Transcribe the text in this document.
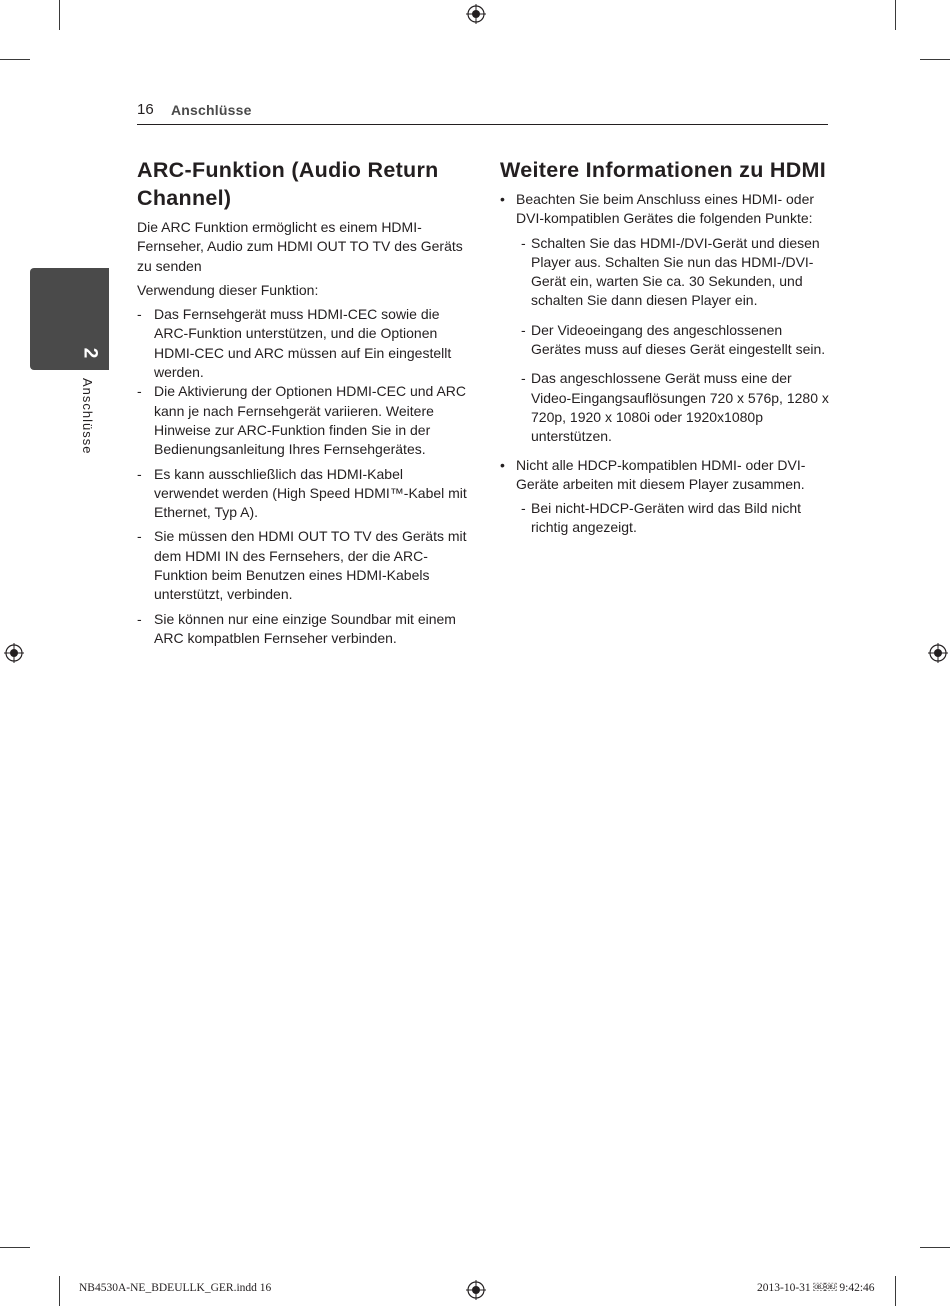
16 Anschlüsse
2
Anschlüsse
ARC-Funktion (Audio Return Channel)

Die ARC Funktion ermöglicht es einem HDMI-Fernseher, Audio zum HDMI OUT TO TV des Geräts zu senden

Verwendung dieser Funktion:

- Das Fernsehgerät muss HDMI-CEC sowie die ARC-Funktion unterstützen, und die Optionen HDMI-CEC und ARC müssen auf Ein eingestellt werden.
- Die Aktivierung der Optionen HDMI-CEC und ARC kann je nach Fernsehgerät variieren. Weitere Hinweise zur ARC-Funktion finden Sie in der Bedienungsanleitung Ihres Fernsehgerätes.
- Es kann ausschließlich das HDMI-Kabel verwendet werden (High Speed HDMI™-Kabel mit Ethernet, Typ A).
- Sie müssen den HDMI OUT TO TV des Geräts mit dem HDMI IN des Fernsehers, der die ARC-Funktion beim Benutzen eines HDMI-Kabels unterstützt, verbinden.
- Sie können nur eine einzige Soundbar mit einem ARC kompatblen Fernseher verbinden.
Weitere Informationen zu HDMI
• Beachten Sie beim Anschluss eines HDMI- oder DVI-kompatiblen Gerätes die folgenden Punkte:
- Schalten Sie das HDMI-/DVI-Gerät und diesen Player aus. Schalten Sie nun das HDMI-/DVI-Gerät ein, warten Sie ca. 30 Sekunden, und schalten Sie dann diesen Player ein.
- Der Videoeingang des angeschlossenen Gerätes muss auf dieses Gerät eingestellt sein.
- Das angeschlossene Gerät muss eine der Video-Eingangsauflösungen 720 x 576p, 1280 x 720p, 1920 x 1080i oder 1920x1080p unterstützen.
• Nicht alle HDCP-kompatiblen HDMI- oder DVI-Geräte arbeiten mit diesem Player zusammen.
- Bei nicht-HDCP-Geräten wird das Bild nicht richtig angezeigt.
NB4530A-NE_BDEULLK_GER.indd 16	2013-10-31 ￼￼ 9:42:46
